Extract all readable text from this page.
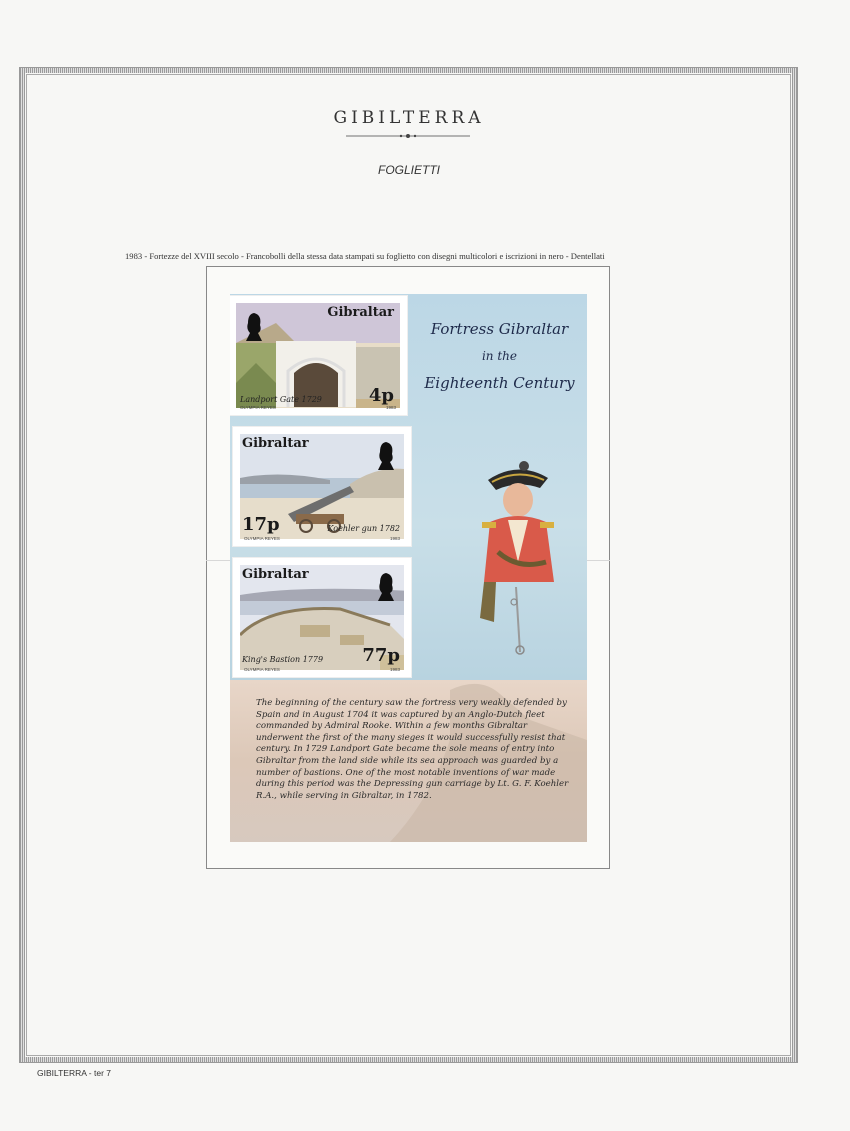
GIBILTERRA
FOGLIETTI
1983 - Fortezze del XVIII secolo - Francobolli della stessa data stampati su foglietto con disegni multicolori e iscrizioni in nero - Dentellati
Fortress Gibraltar
in the
Eighteenth Century
Gibraltar
4p
Landport Gate 1729
OLYMPIA REYES	1983
Gibraltar
17p	Koehler gun 1782
OLYMPIA REYES	1983
Gibraltar
77p
King's Bastion 1779
OLYMPIA REYES	1983

The beginning of the century saw the fortress very weakly defended by Spain and in August 1704 it was captured by an Anglo-Dutch fleet commanded by Admiral Rooke. Within a few months Gibraltar underwent the first of the many sieges it would successfully resist that century. In 1729 Landport Gate became the sole means of entry into Gibraltar from the land side while its sea approach was guarded by a number of bastions. One of the most notable inventions of war made during this period was the Depressing gun carriage by Lt. G. F. Koehler R.A., while serving in Gibraltar, in 1782.

GIBILTERRA - ter 7
